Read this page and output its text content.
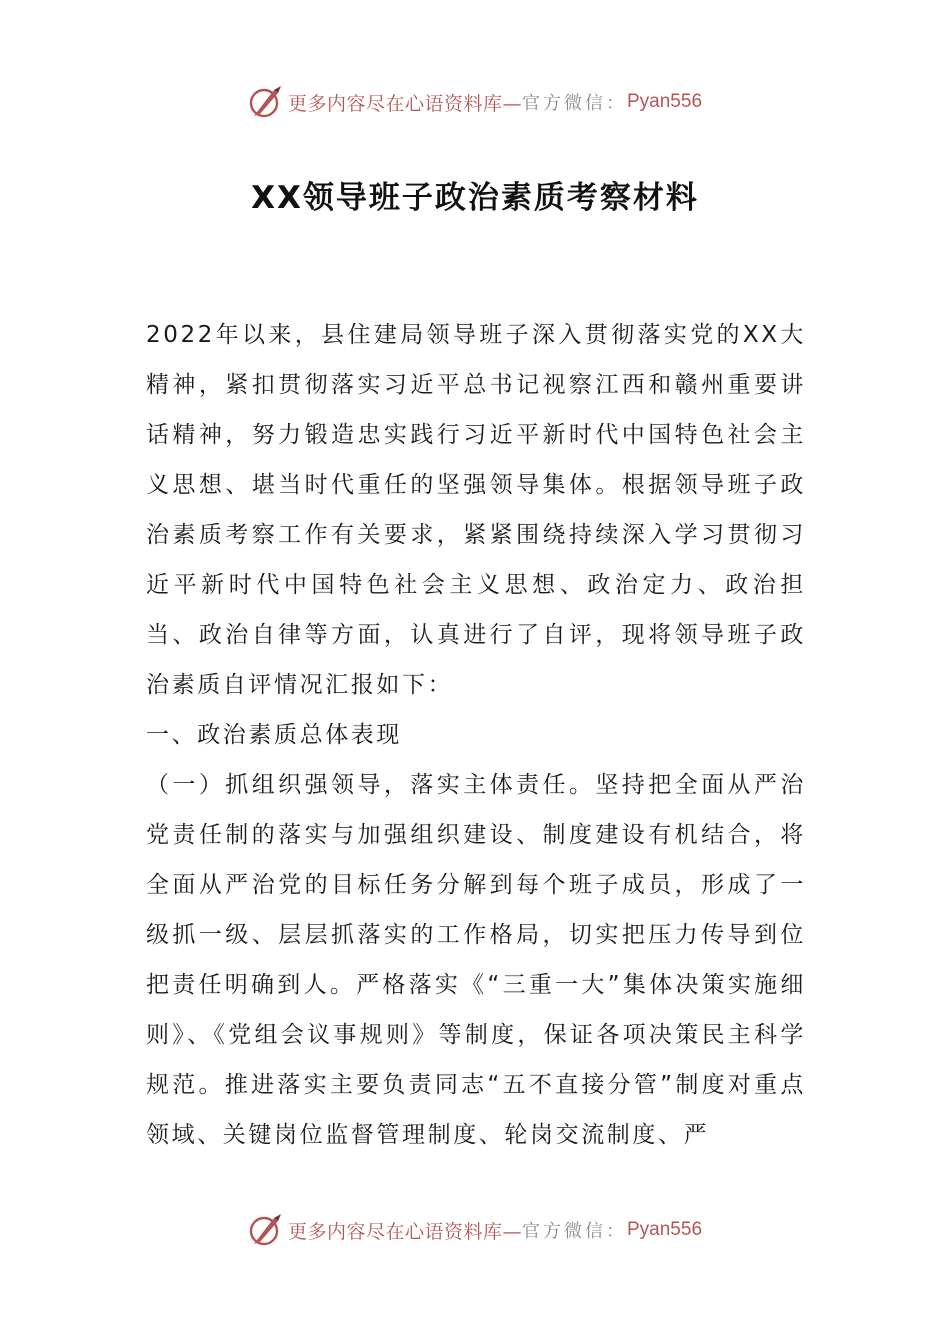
更多内容尽在心语资料库— 官方微信： Pyan556
XX领导班子政治素质考察材料

2022年以来，县住建局领导班子深入贯彻落实党的XX大精神，紧扣贯彻落实习近平总书记视察江西和赣州重要讲话精神，努力锻造忠实践行习近平新时代中国特色社会主义思想、堪当时代重任的坚强领导集体。根据领导班子政治素质考察工作有关要求，紧紧围绕持续深入学习贯彻习近平新时代中国特色社会主义思想、政治定力、政治担当、政治自律等方面，认真进行了自评，现将领导班子政治素质自评情况汇报如下：

一、政治素质总体表现

（一）抓组织强领导，落实主体责任。坚持把全面从严治党责任制的落实与加强组织建设、制度建设有机结合，将全面从严治党的目标任务分解到每个班子成员，形成了一级抓一级、层层抓落实的工作格局，切实把压力传导到位把责任明确到人。严格落实《“三重一大”集体决策实施细则》、《党组会议事规则》等制度，保证各项决策民主科学规范。推进落实主要负责同志“五不直接分管”制度对重点领域、关键岗位监督管理制度、轮岗交流制度、严

更多内容尽在心语资料库— 官方微信： Pyan556
